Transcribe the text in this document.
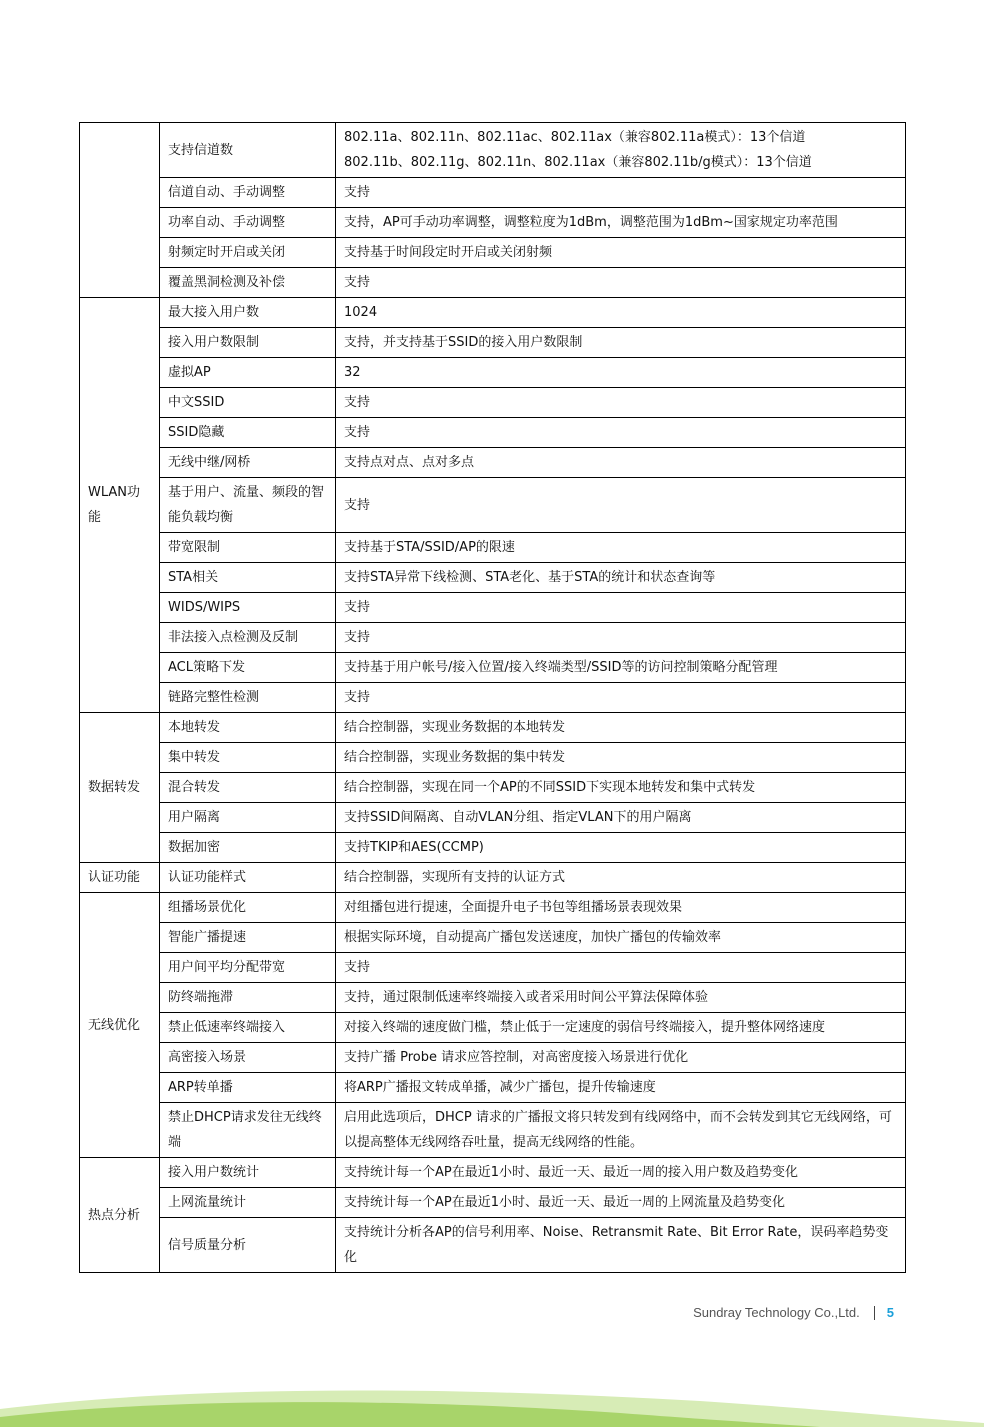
	支持信道数	802.11a、802.11n、802.11ac、802.11ax（兼容802.11a模式）：13个信道
802.11b、802.11g、802.11n、802.11ax（兼容802.11b/g模式）：13个信道

	信道自动、手动调整	支持

	功率自动、手动调整	支持，AP可手动功率调整，调整粒度为1dBm，调整范围为1dBm~国家规定功率范围

	射频定时开启或关闭	支持基于时间段定时开启或关闭射频

	覆盖黑洞检测及补偿	支持

WLAN功能	最大接入用户数	1024

	接入用户数限制	支持，并支持基于SSID的接入用户数限制

	虚拟AP	32

	中文SSID	支持

	SSID隐藏	支持

	无线中继/网桥	支持点对点、点对多点

	基于用户、流量、频段的智能负载均衡	支持

	带宽限制	支持基于STA/SSID/AP的限速

	STA相关	支持STA异常下线检测、STA老化、基于STA的统计和状态查询等

	WIDS/WIPS	支持

	非法接入点检测及反制	支持

	ACL策略下发	支持基于用户帐号/接入位置/接入终端类型/SSID等的访问控制策略分配管理

	链路完整性检测	支持

数据转发	本地转发	结合控制器，实现业务数据的本地转发

	集中转发	结合控制器，实现业务数据的集中转发

	混合转发	结合控制器，实现在同一个AP的不同SSID下实现本地转发和集中式转发

	用户隔离	支持SSID间隔离、自动VLAN分组、指定VLAN下的用户隔离

	数据加密	支持TKIP和AES(CCMP)

认证功能	认证功能样式	结合控制器，实现所有支持的认证方式

无线优化	组播场景优化	对组播包进行提速，全面提升电子书包等组播场景表现效果

	智能广播提速	根据实际环境，自动提高广播包发送速度，加快广播包的传输效率

	用户间平均分配带宽	支持

	防终端拖滞	支持，通过限制低速率终端接入或者采用时间公平算法保障体验

	禁止低速率终端接入	对接入终端的速度做门槛，禁止低于一定速度的弱信号终端接入，提升整体网络速度

	高密接入场景	支持广播 Probe 请求应答控制，对高密度接入场景进行优化

	ARP转单播	将ARP广播报文转成单播，减少广播包，提升传输速度

	禁止DHCP请求发往无线终端	启用此选项后，DHCP 请求的广播报文将只转发到有线网络中，而不会转发到其它无线网络，可以提高整体无线网络吞吐量，提高无线网络的性能。

热点分析	接入用户数统计	支持统计每一个AP在最近1小时、最近一天、最近一周的接入用户数及趋势变化

	上网流量统计	支持统计每一个AP在最近1小时、最近一天、最近一周的上网流量及趋势变化

	信号质量分析	支持统计分析各AP的信号利用率、Noise、Retransmit Rate、Bit Error Rate，误码率趋势变化
Sundray Technology Co.,Ltd. 5
